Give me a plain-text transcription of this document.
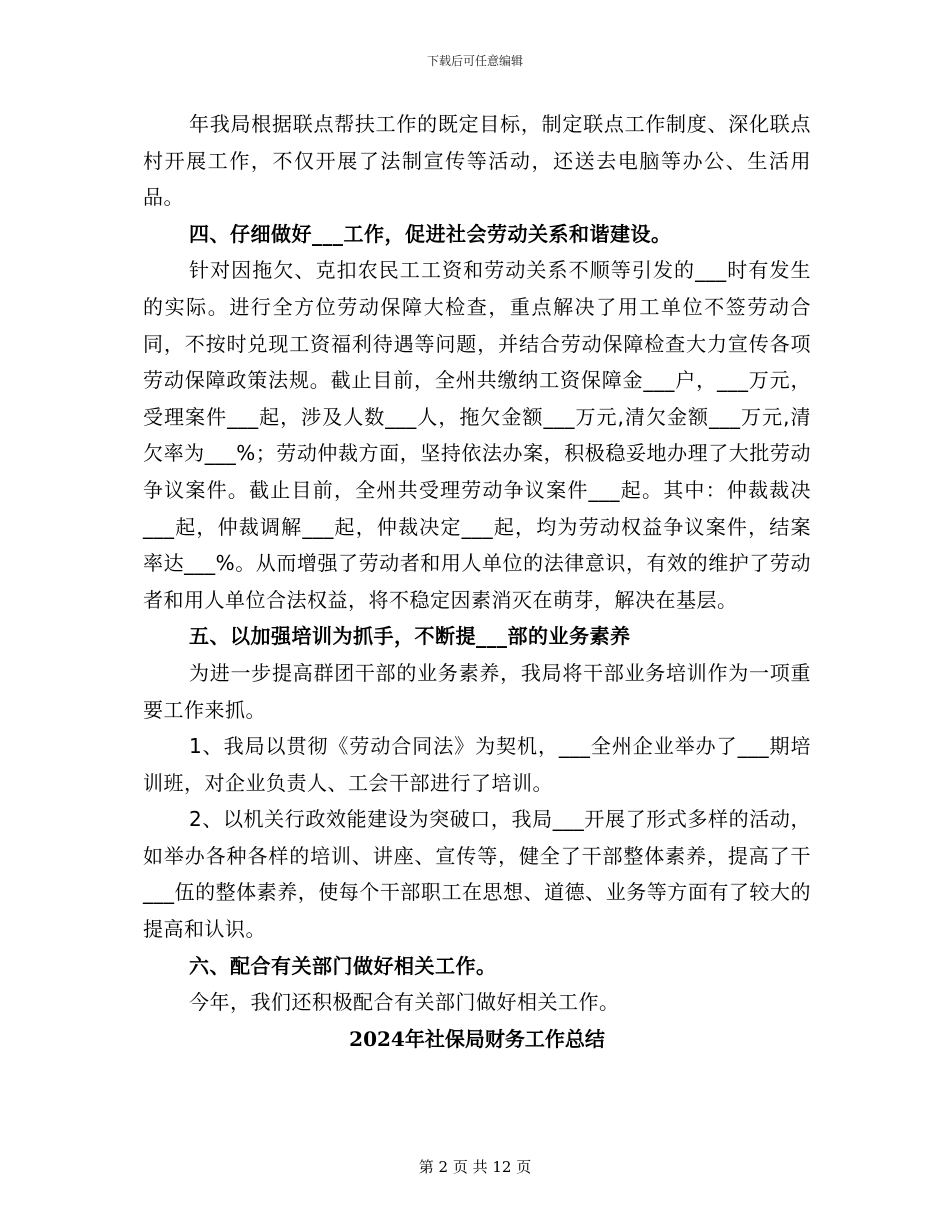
下载后可任意编辑

年我局根据联点帮扶工作的既定目标，制定联点工作制度、深化联点村开展工作，不仅开展了法制宣传等活动，还送去电脑等办公、生活用品。

四、仔细做好___工作，促进社会劳动关系和谐建设。

针对因拖欠、克扣农民工工资和劳动关系不顺等引发的___时有发生的实际。进行全方位劳动保障大检查，重点解决了用工单位不签劳动合同，不按时兑现工资福利待遇等问题，并结合劳动保障检查大力宣传各项劳动保障政策法规。截止目前，全州共缴纳工资保障金___户，___万元，受理案件___起，涉及人数___人，拖欠金额___万元,清欠金额___万元,清欠率为___%；劳动仲裁方面，坚持依法办案，积极稳妥地办理了大批劳动争议案件。截止目前，全州共受理劳动争议案件___起。其中：仲裁裁决___起，仲裁调解___起，仲裁决定___起，均为劳动权益争议案件，结案率达___%。从而增强了劳动者和用人单位的法律意识，有效的维护了劳动者和用人单位合法权益，将不稳定因素消灭在萌芽，解决在基层。

五、以加强培训为抓手，不断提___部的业务素养

为进一步提高群团干部的业务素养，我局将干部业务培训作为一项重要工作来抓。

1、我局以贯彻《劳动合同法》为契机，___全州企业举办了___期培训班，对企业负责人、工会干部进行了培训。

2、以机关行政效能建设为突破口，我局___开展了形式多样的活动，如举办各种各样的培训、讲座、宣传等，健全了干部整体素养，提高了干___伍的整体素养，使每个干部职工在思想、道德、业务等方面有了较大的提高和认识。

六、配合有关部门做好相关工作。

今年，我们还积极配合有关部门做好相关工作。

2024年社保局财务工作总结

第 2 页 共 12 页
